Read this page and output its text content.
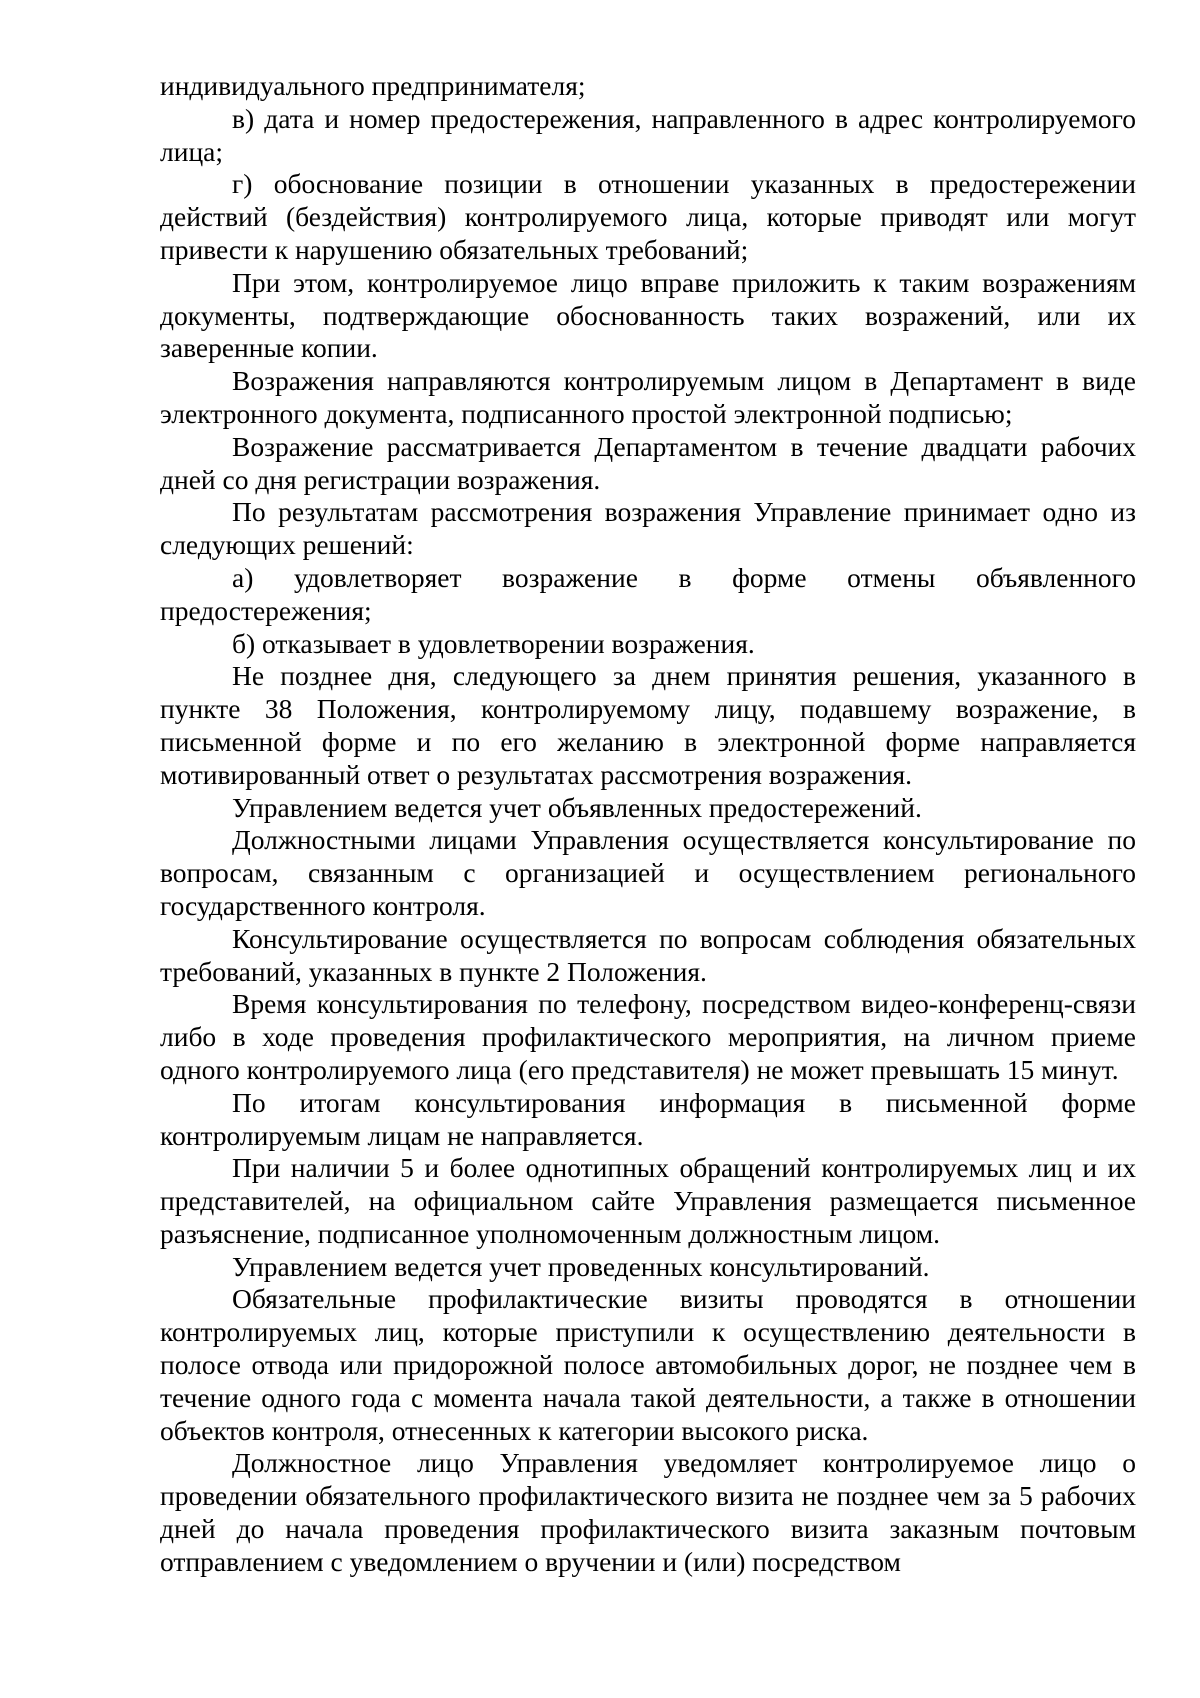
индивидуального предпринимателя;

в) дата и номер предостережения, направленного в адрес контролируемого лица;

г) обоснование позиции в отношении указанных в предостережении действий (бездействия) контролируемого лица, которые приводят или могут привести к нарушению обязательных требований;

При этом, контролируемое лицо вправе приложить к таким возражениям документы, подтверждающие обоснованность таких возражений, или их заверенные копии.

Возражения направляются контролируемым лицом в Департамент в виде электронного документа, подписанного простой электронной подписью;

Возражение рассматривается Департаментом в течение двадцати рабочих дней со дня регистрации возражения.

По результатам рассмотрения возражения Управление принимает одно из следующих решений:

а) удовлетворяет возражение в форме отмены объявленного предостережения;

б) отказывает в удовлетворении возражения.

Не позднее дня, следующего за днем принятия решения, указанного в пункте 38 Положения, контролируемому лицу, подавшему возражение, в письменной форме и по его желанию в электронной форме направляется мотивированный ответ о результатах рассмотрения возражения.

Управлением ведется учет объявленных предостережений.

Должностными лицами Управления осуществляется консультирование по вопросам, связанным с организацией и осуществлением регионального государственного контроля.

Консультирование осуществляется по вопросам соблюдения обязательных требований, указанных в пункте 2 Положения.

Время консультирования по телефону, посредством видео-конференц-связи либо в ходе проведения профилактического мероприятия, на личном приеме одного контролируемого лица (его представителя) не может превышать 15 минут.

По итогам консультирования информация в письменной форме контролируемым лицам не направляется.

При наличии 5 и более однотипных обращений контролируемых лиц и их представителей, на официальном сайте Управления размещается письменное разъяснение, подписанное уполномоченным должностным лицом.

Управлением ведется учет проведенных консультирований.

Обязательные профилактические визиты проводятся в отношении контролируемых лиц, которые приступили к осуществлению деятельности в полосе отвода или придорожной полосе автомобильных дорог, не позднее чем в течение одного года с момента начала такой деятельности, а также в отношении объектов контроля, отнесенных к категории высокого риска.

Должностное лицо Управления уведомляет контролируемое лицо о проведении обязательного профилактического визита не позднее чем за 5 рабочих дней до начала проведения профилактического визита заказным почтовым отправлением с уведомлением о вручении и (или) посредством
